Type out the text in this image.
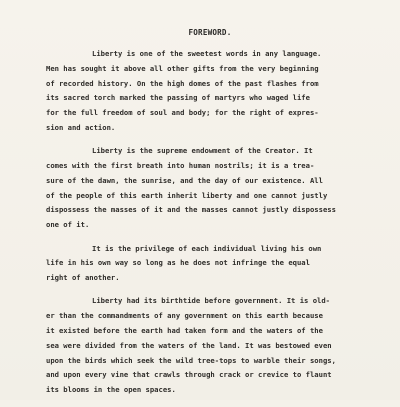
FOREWORD.
Liberty is one of the sweetest words in any language.
Men has sought it above all other gifts from the very beginning
of recorded history. On the high domes of the past flashes from
its sacred torch marked the passing of martyrs who waged life
for the full freedom of soul and body; for the right of expres-
sion and action.
Liberty is the supreme endowment of the Creator. It
comes with the first breath into human nostrils; it is a trea-
sure of the dawn, the sunrise, and the day of our existence. All
of the people of this earth inherit liberty and one cannot justly
dispossess the masses of it and the masses cannot justly dispossess
one of it.
It is the privilege of each individual living his own
life in his own way so long as he does not infringe the equal
right of another.
Liberty had its birthtide before government. It is old-
er than the commandments of any government on this earth because
it existed before the earth had taken form and the waters of the
sea were divided from the waters of the land. It was bestowed even
upon the birds which seek the wild tree-tops to warble their songs,
and upon every vine that crawls through crack or crevice to flaunt
its blooms in the open spaces.
